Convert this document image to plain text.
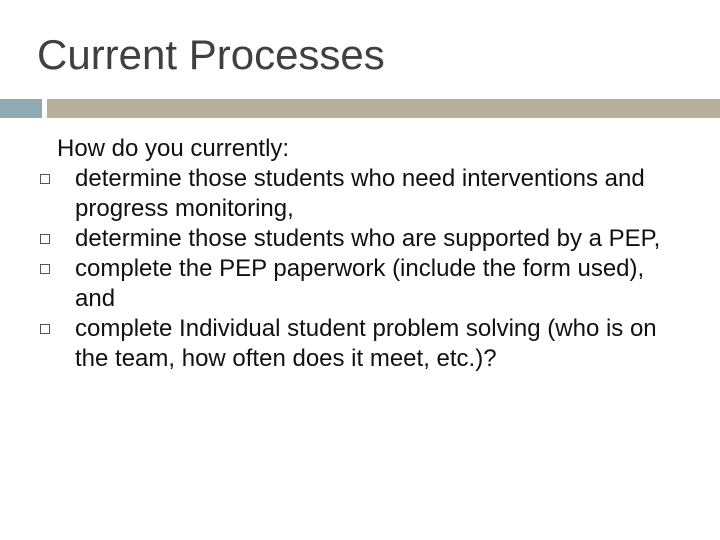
Current Processes
How do you currently:
determine those students who need interventions and progress monitoring,
determine those students who are supported by a PEP,
complete the PEP paperwork (include the form used), and
complete Individual student problem solving (who is on the team, how often does it meet, etc.)?
